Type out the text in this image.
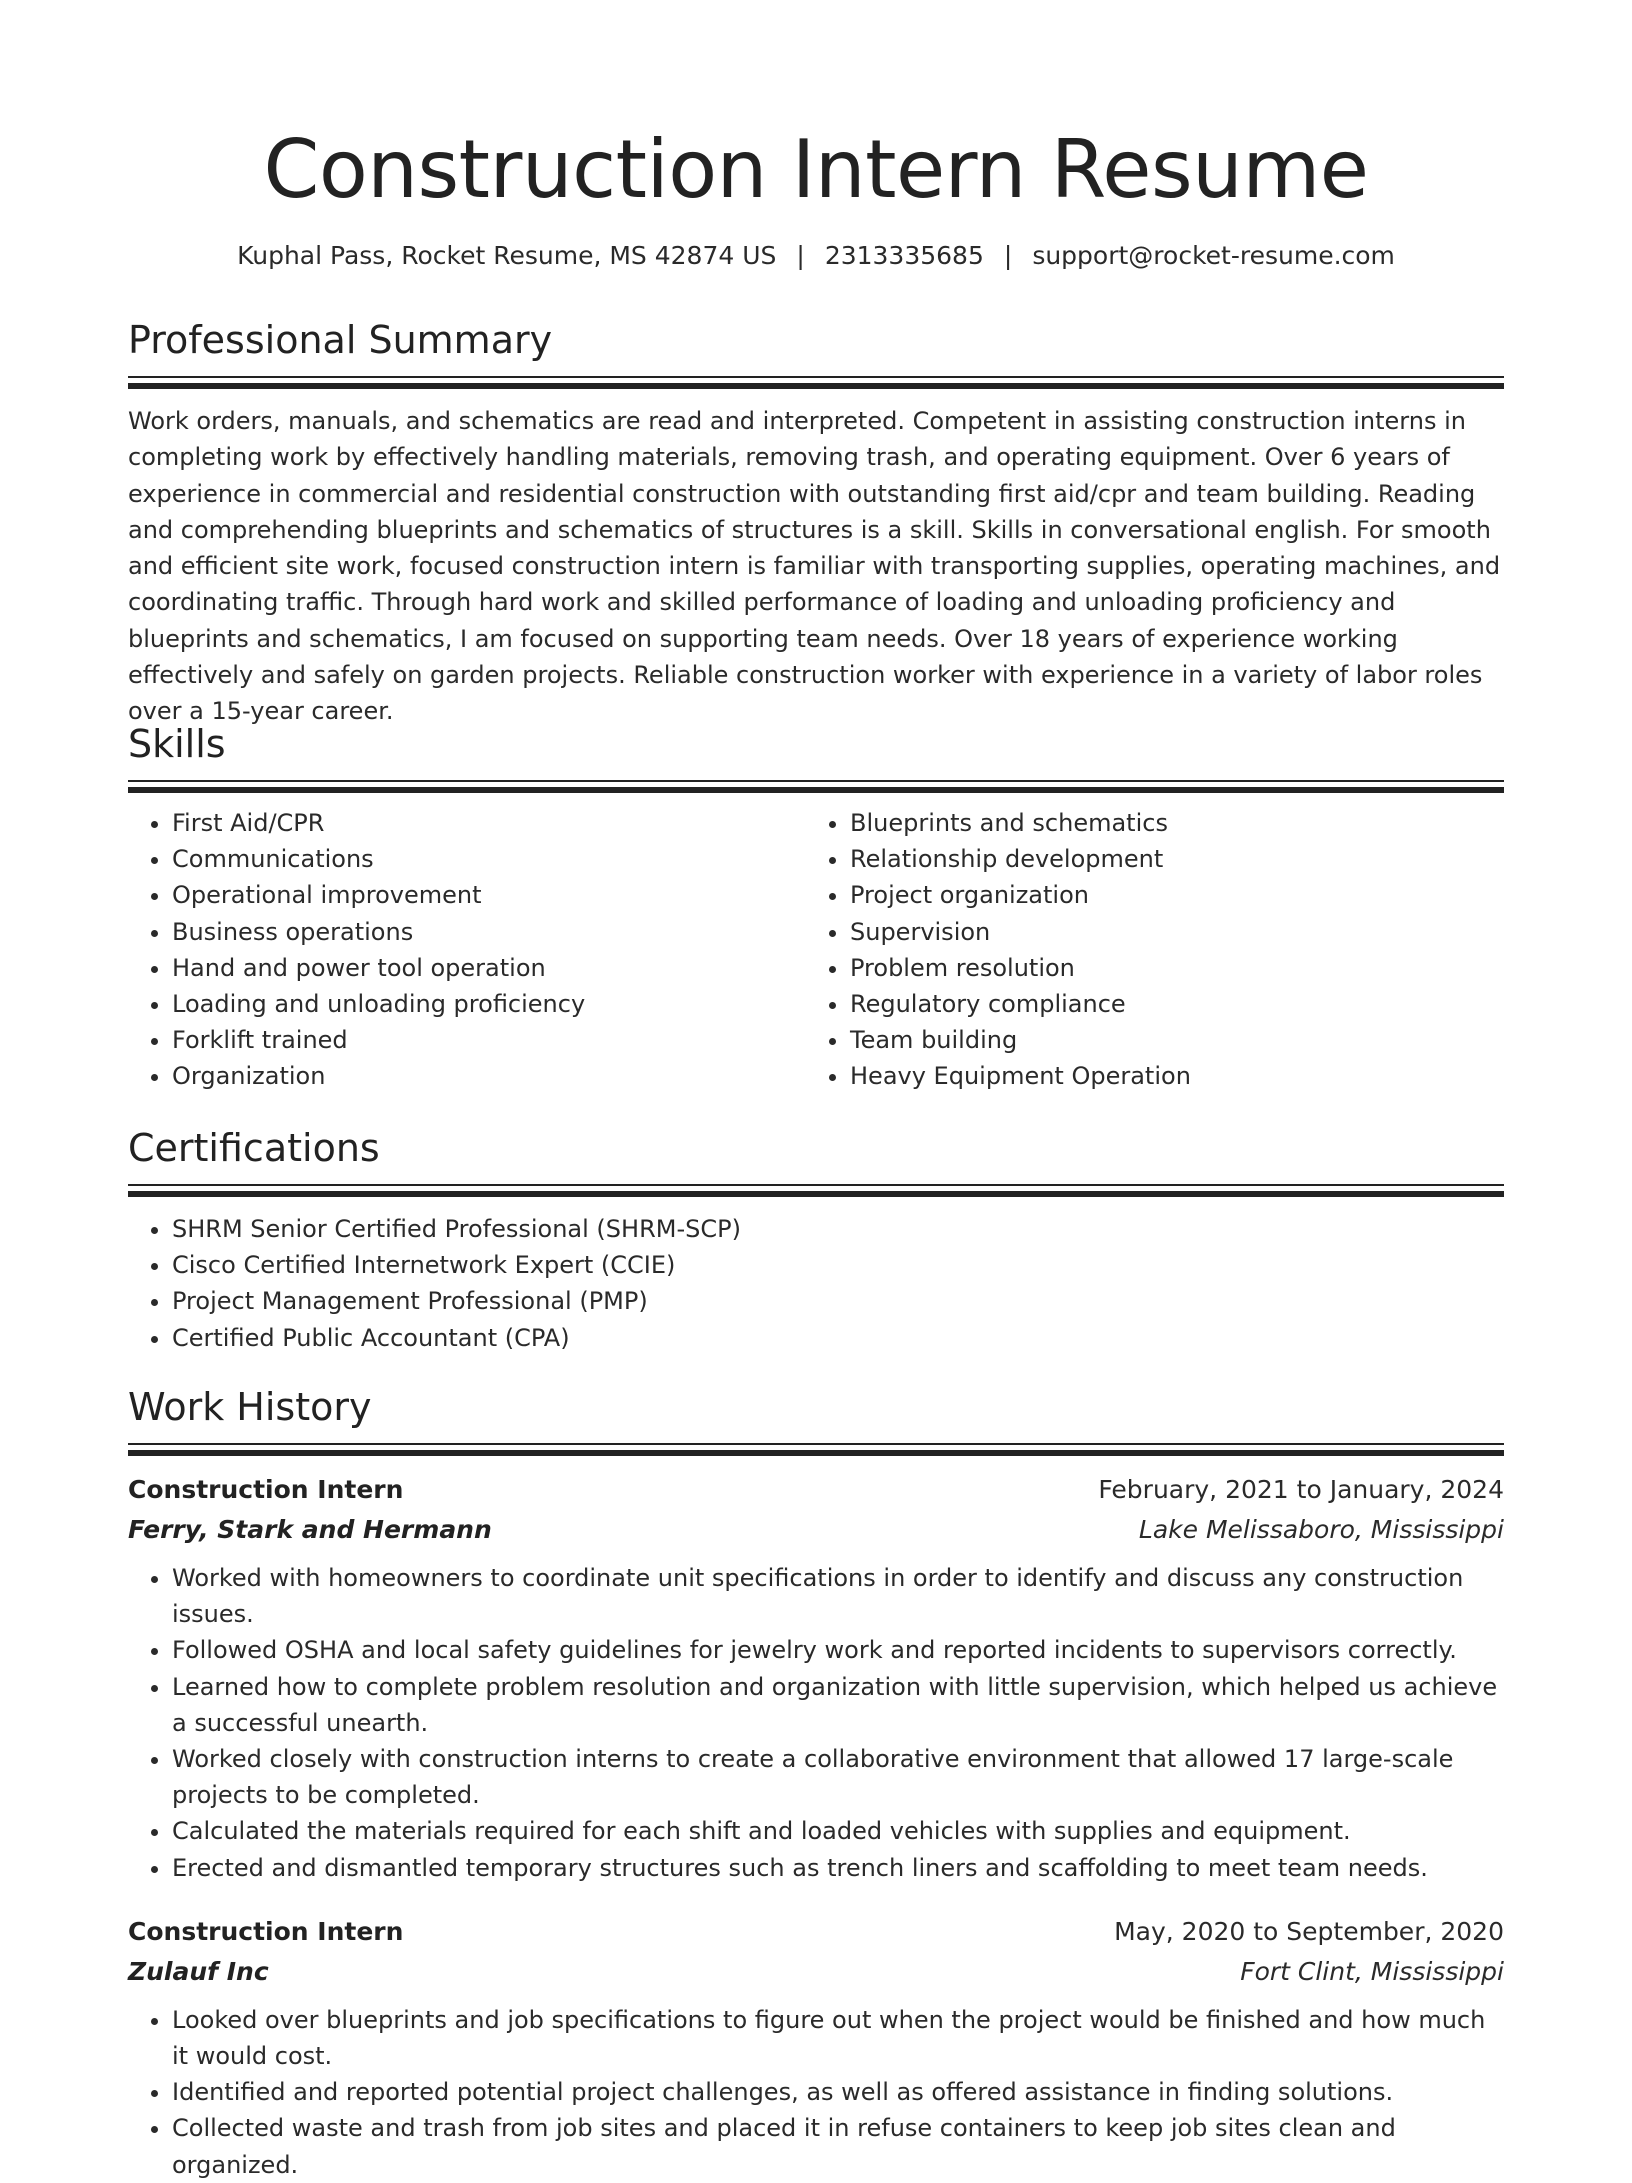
Construction Intern Resume
Kuphal Pass, Rocket Resume, MS 42874 US | 2313335685 | support@rocket-resume.com
Professional Summary

Work orders, manuals, and schematics are read and interpreted. Competent in assisting construction interns in completing work by effectively handling materials, removing trash, and operating equipment. Over 6 years of experience in commercial and residential construction with outstanding first aid/cpr and team building. Reading and comprehending blueprints and schematics of structures is a skill. Skills in conversational english. For smooth and efficient site work, focused construction intern is familiar with transporting supplies, operating machines, and coordinating traffic. Through hard work and skilled performance of loading and unloading proficiency and blueprints and schematics, I am focused on supporting team needs. Over 18 years of experience working effectively and safely on garden projects. Reliable construction worker with experience in a variety of labor roles over a 15-year career.

Skills
• First Aid/CPR
• Communications
• Operational improvement
• Business operations
• Hand and power tool operation
• Loading and unloading proficiency
• Forklift trained
• Organization
• Blueprints and schematics
• Relationship development
• Project organization
• Supervision
• Problem resolution
• Regulatory compliance
• Team building
• Heavy Equipment Operation
Certifications
• SHRM Senior Certified Professional (SHRM-SCP)
• Cisco Certified Internetwork Expert (CCIE)
• Project Management Professional (PMP)
• Certified Public Accountant (CPA)
Work History
Construction Intern	February, 2021 to January, 2024
Ferry, Stark and Hermann	Lake Melissaboro, Mississippi
• Worked with homeowners to coordinate unit specifications in order to identify and discuss any construction issues.
• Followed OSHA and local safety guidelines for jewelry work and reported incidents to supervisors correctly.
• Learned how to complete problem resolution and organization with little supervision, which helped us achieve a successful unearth.
• Worked closely with construction interns to create a collaborative environment that allowed 17 large-scale projects to be completed.
• Calculated the materials required for each shift and loaded vehicles with supplies and equipment.
• Erected and dismantled temporary structures such as trench liners and scaffolding to meet team needs.
Construction Intern	May, 2020 to September, 2020
Zulauf Inc	Fort Clint, Mississippi
• Looked over blueprints and job specifications to figure out when the project would be finished and how much it would cost.
• Identified and reported potential project challenges, as well as offered assistance in finding solutions.
• Collected waste and trash from job sites and placed it in refuse containers to keep job sites clean and organized.
